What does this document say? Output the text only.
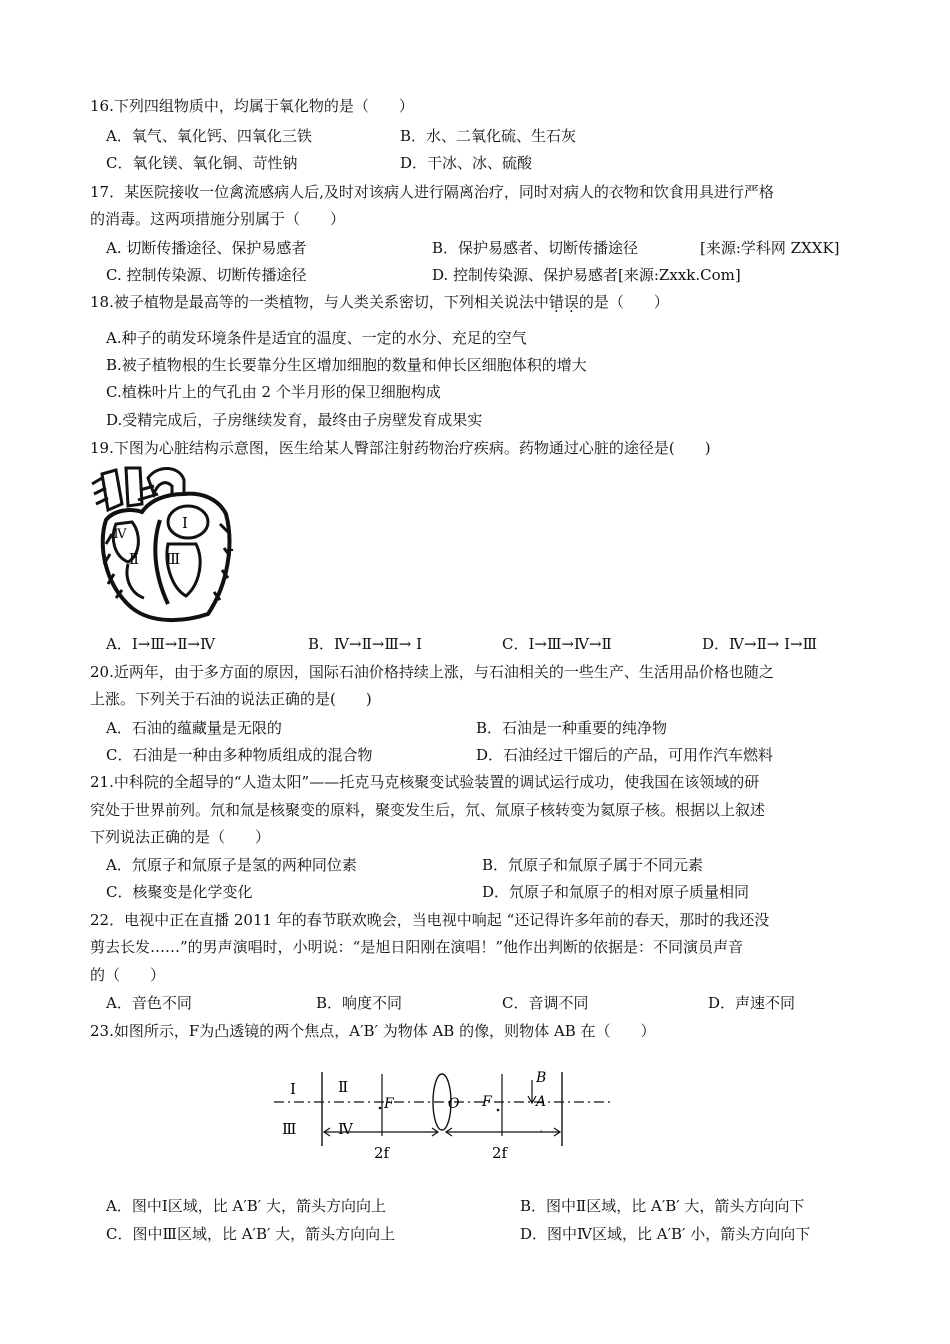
16.下列四组物质中，均属于氧化物的是（　　）
A．氧气、氧化钙、四氧化三铁	B．水、二氧化硫、生石灰
C．氧化镁、氧化铜、苛性钠	D．干冰、冰、硫酸
17．某医院接收一位禽流感病人后,及时对该病人进行隔离治疗，同时对病人的衣物和饮食用具进行严格
的消毒。这两项措施分别属于（　　）
A. 切断传播途径、保护易感者	B．保护易感者、切断传播途径	[来源:学科网 ZXXK]
C. 控制传染源、切断传播途径	D. 控制传染源、保护易感者[来源:Zxxk.Com]
18.被子植物是最高等的一类植物，与人类关系密切，下列相关说法中错误的是（　　）
A.种子的萌发环境条件是适宜的温度、一定的水分、充足的空气
B.被子植物根的生长要靠分生区增加细胞的数量和伸长区细胞体积的增大
C.植株叶片上的气孔由 2 个半月形的保卫细胞构成
D.受精完成后，子房继续发育，最终由子房壁发育成果实
19.下图为心脏结构示意图，医生给某人臀部注射药物治疗疾病。药物通过心脏的途径是(　　)
Ⅰ
Ⅱ Ⅲ
Ⅳ
A．Ⅰ→Ⅲ→Ⅱ→Ⅳ	B．Ⅳ→Ⅱ→Ⅲ→ Ⅰ	C．Ⅰ→Ⅲ→Ⅳ→Ⅱ	D．Ⅳ→Ⅱ→ Ⅰ→Ⅲ
20.近两年，由于多方面的原因，国际石油价格持续上涨，与石油相关的一些生产、生活用品价格也随之
上涨。下列关于石油的说法正确的是(　　)
A．石油的蕴藏量是无限的	B．石油是一种重要的纯净物
C．石油是一种由多种物质组成的混合物	D．石油经过干馏后的产品，可用作汽车燃料
21.中科院的全超导的“人造太阳”——托克马克核聚变试验装置的调试运行成功，使我国在该领域的研
究处于世界前列。氘和氚是核聚变的原料，聚变发生后，氘、氚原子核转变为氦原子核。根据以上叙述
下列说法正确的是（　　）
A．氘原子和氚原子是氢的两种同位素	B．氘原子和氚原子属于不同元素
C．核聚变是化学变化	D．氘原子和氚原子的相对原子质量相同
22．电视中正在直播 2011 年的春节联欢晚会，当电视中响起 “还记得许多年前的春天，那时的我还没
剪去长发……”的男声演唱时，小明说：“是旭日阳刚在演唱！”他作出判断的依据是：不同演员声音
的（　　）
A．音色不同	B．响度不同	C．音调不同	D．声速不同
23.如图所示，F为凸透镜的两个焦点，A′B′ 为物体 AB 的像，则物体 AB 在（　　）
Ⅰ	Ⅱ
Ⅲ	Ⅳ
F	O F
B
A
′
2f	2f
A．图中Ⅰ区域，比 A′B′ 大，箭头方向向上	B．图中Ⅱ区域，比 A′B′ 大，箭头方向向下
C．图中Ⅲ区域，比 A′B′ 大，箭头方向向上	D．图中Ⅳ区域，比 A′B′ 小，箭头方向向下
